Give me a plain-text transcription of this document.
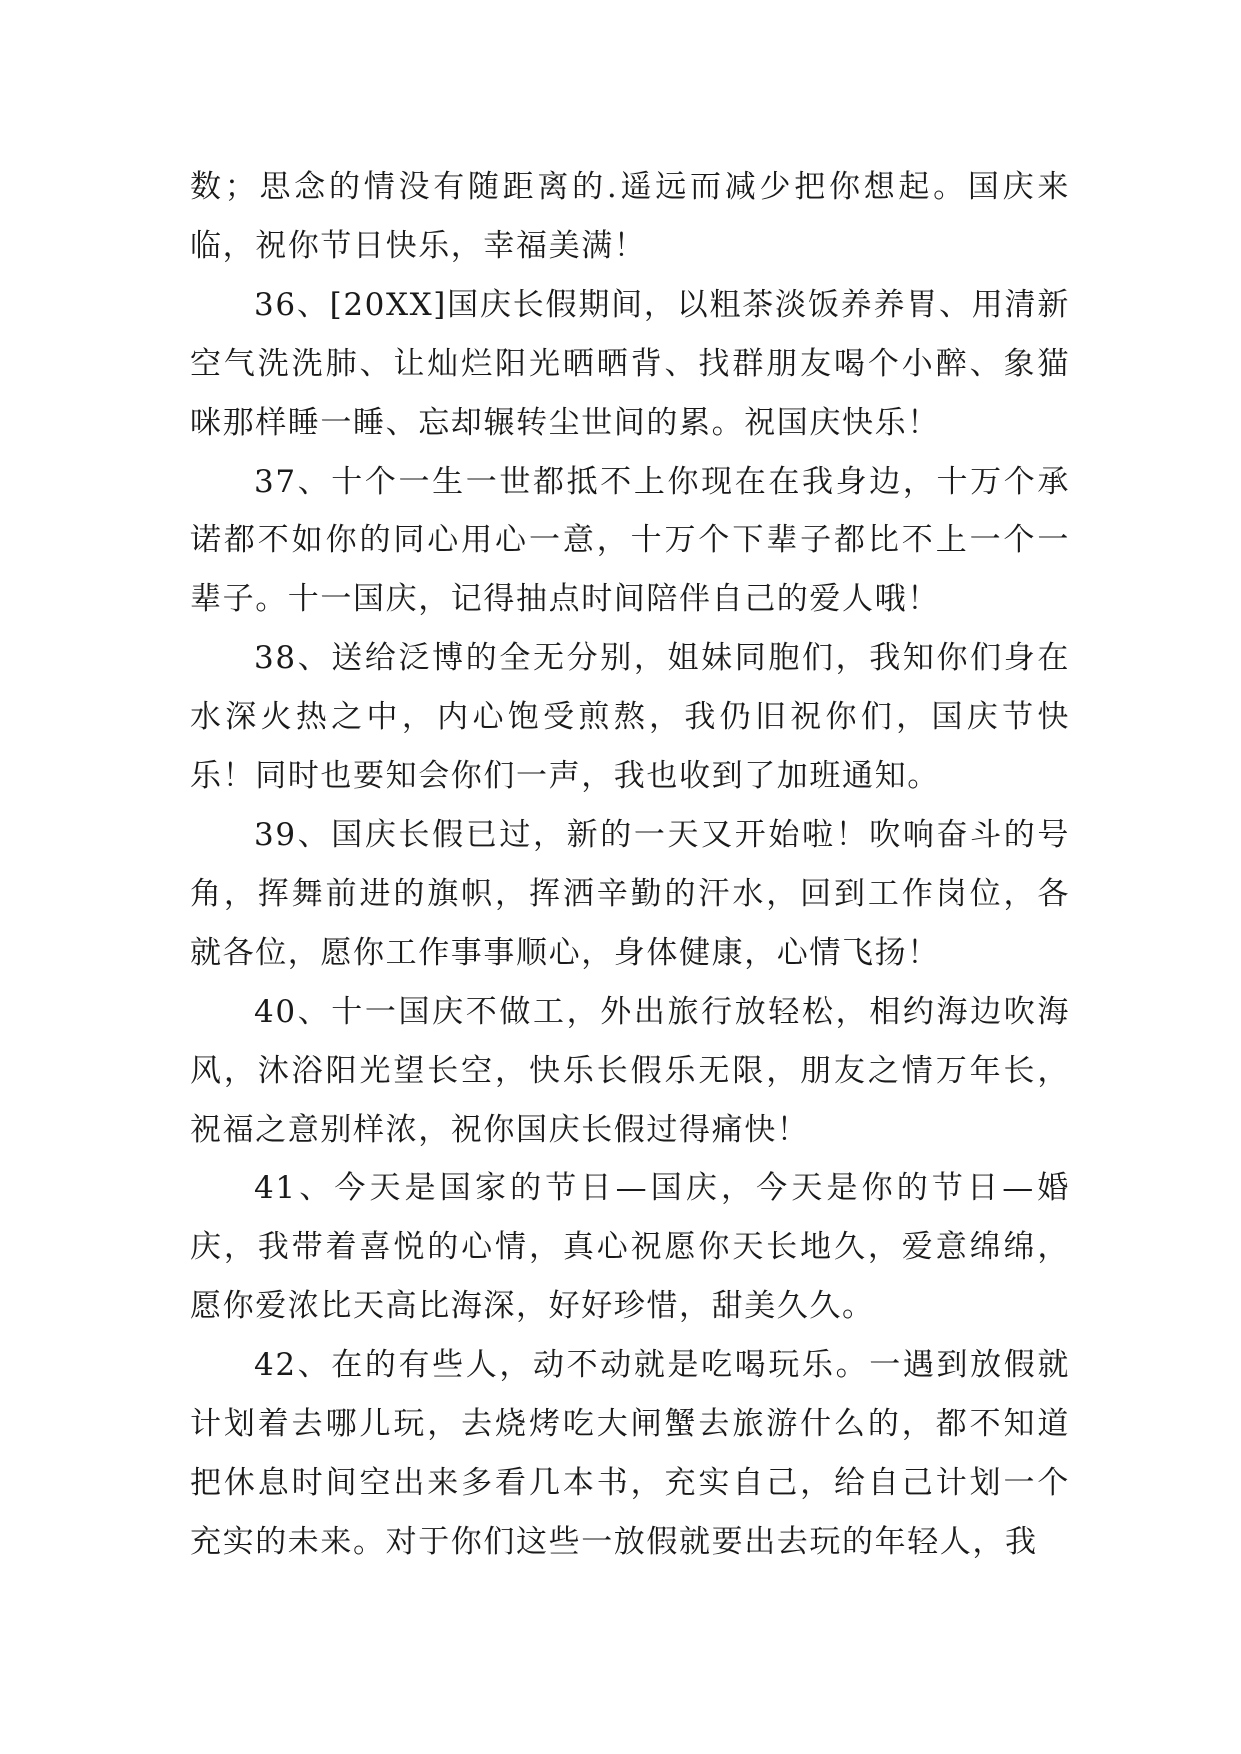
数；思念的情没有随距离的.遥远而减少把你想起。国庆来临，祝你节日快乐，幸福美满！

36、[20XX]国庆长假期间，以粗茶淡饭养养胃、用清新空气洗洗肺、让灿烂阳光晒晒背、找群朋友喝个小醉、象猫咪那样睡一睡、忘却辗转尘世间的累。祝国庆快乐！

37、十个一生一世都抵不上你现在在我身边，十万个承诺都不如你的同心用心一意，十万个下辈子都比不上一个一辈子。十一国庆，记得抽点时间陪伴自己的爱人哦！

38、送给泛博的全无分别，姐妹同胞们，我知你们身在水深火热之中，内心饱受煎熬，我仍旧祝你们，国庆节快乐！同时也要知会你们一声，我也收到了加班通知。

39、国庆长假已过，新的一天又开始啦！吹响奋斗的号角，挥舞前进的旗帜，挥洒辛勤的汗水，回到工作岗位，各就各位，愿你工作事事顺心，身体健康，心情飞扬！

40、十一国庆不做工，外出旅行放轻松，相约海边吹海风，沐浴阳光望长空，快乐长假乐无限，朋友之情万年长，祝福之意别样浓，祝你国庆长假过得痛快！

41、今天是国家的节日—国庆，今天是你的节日—婚庆，我带着喜悦的心情，真心祝愿你天长地久，爱意绵绵，愿你爱浓比天高比海深，好好珍惜，甜美久久。

42、在的有些人，动不动就是吃喝玩乐。一遇到放假就计划着去哪儿玩，去烧烤吃大闸蟹去旅游什么的，都不知道把休息时间空出来多看几本书，充实自己，给自己计划一个充实的未来。对于你们这些一放假就要出去玩的年轻人，我
